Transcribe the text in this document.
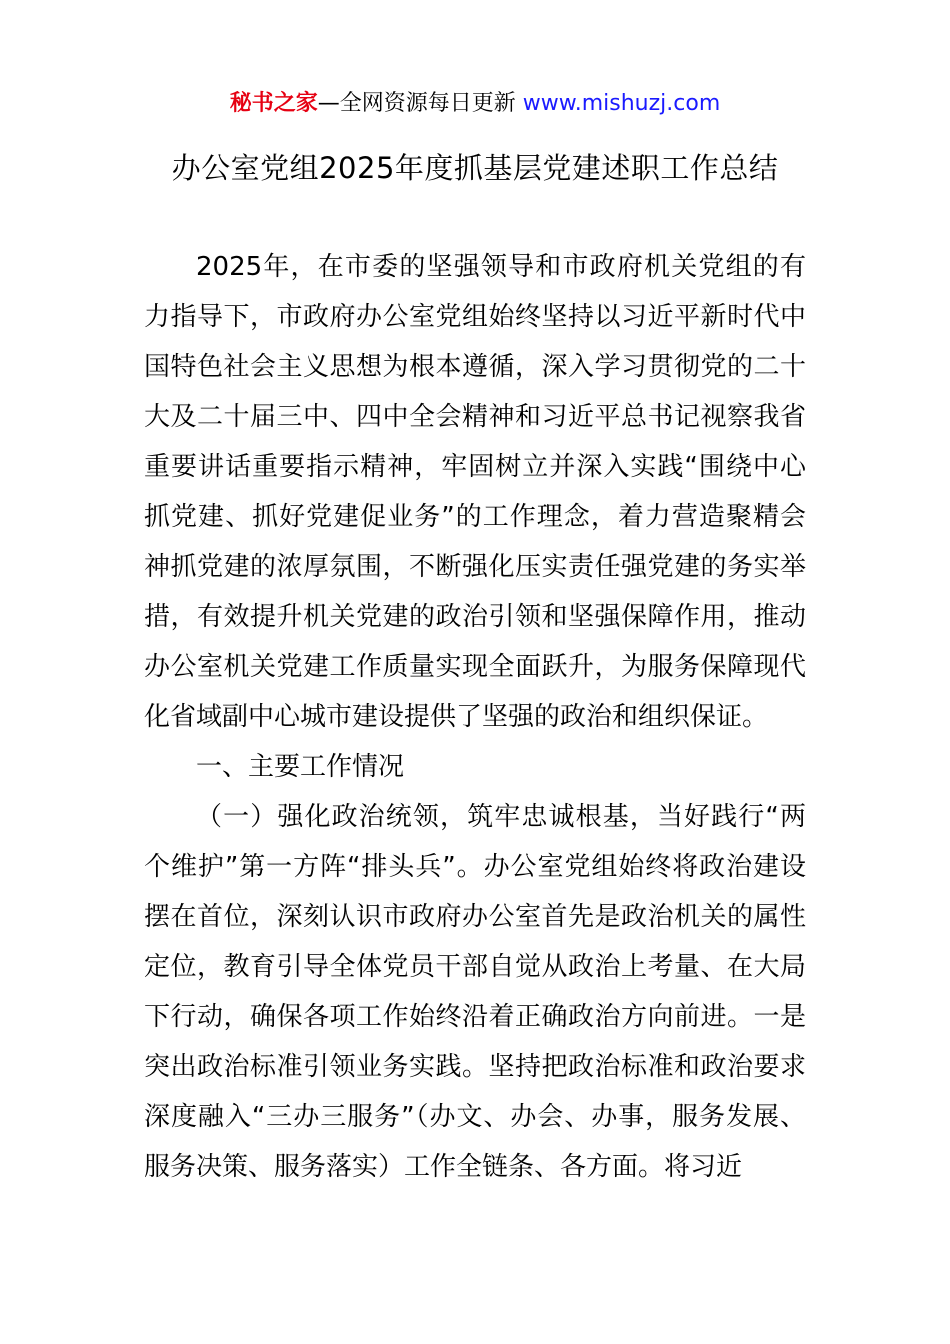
秘书之家—全网资源每日更新 www.mishuzj.com
办公室党组2025年度抓基层党建述职工作总结

2025年，在市委的坚强领导和市政府机关党组的有力指导下，市政府办公室党组始终坚持以习近平新时代中国特色社会主义思想为根本遵循，深入学习贯彻党的二十大及二十届三中、四中全会精神和习近平总书记视察我省重要讲话重要指示精神，牢固树立并深入实践“围绕中心抓党建、抓好党建促业务”的工作理念，着力营造聚精会神抓党建的浓厚氛围，不断强化压实责任强党建的务实举措，有效提升机关党建的政治引领和坚强保障作用，推动办公室机关党建工作质量实现全面跃升，为服务保障现代化省域副中心城市建设提供了坚强的政治和组织保证。

一、主要工作情况

（一）强化政治统领，筑牢忠诚根基，当好践行“两个维护”第一方阵“排头兵”。办公室党组始终将政治建设摆在首位，深刻认识市政府办公室首先是政治机关的属性定位，教育引导全体党员干部自觉从政治上考量、在大局下行动，确保各项工作始终沿着正确政治方向前进。一是突出政治标准引领业务实践。坚持把政治标准和政治要求深度融入“三办三服务”（办文、办会、办事，服务发展、服务决策、服务落实）工作全链条、各方面。将习近
